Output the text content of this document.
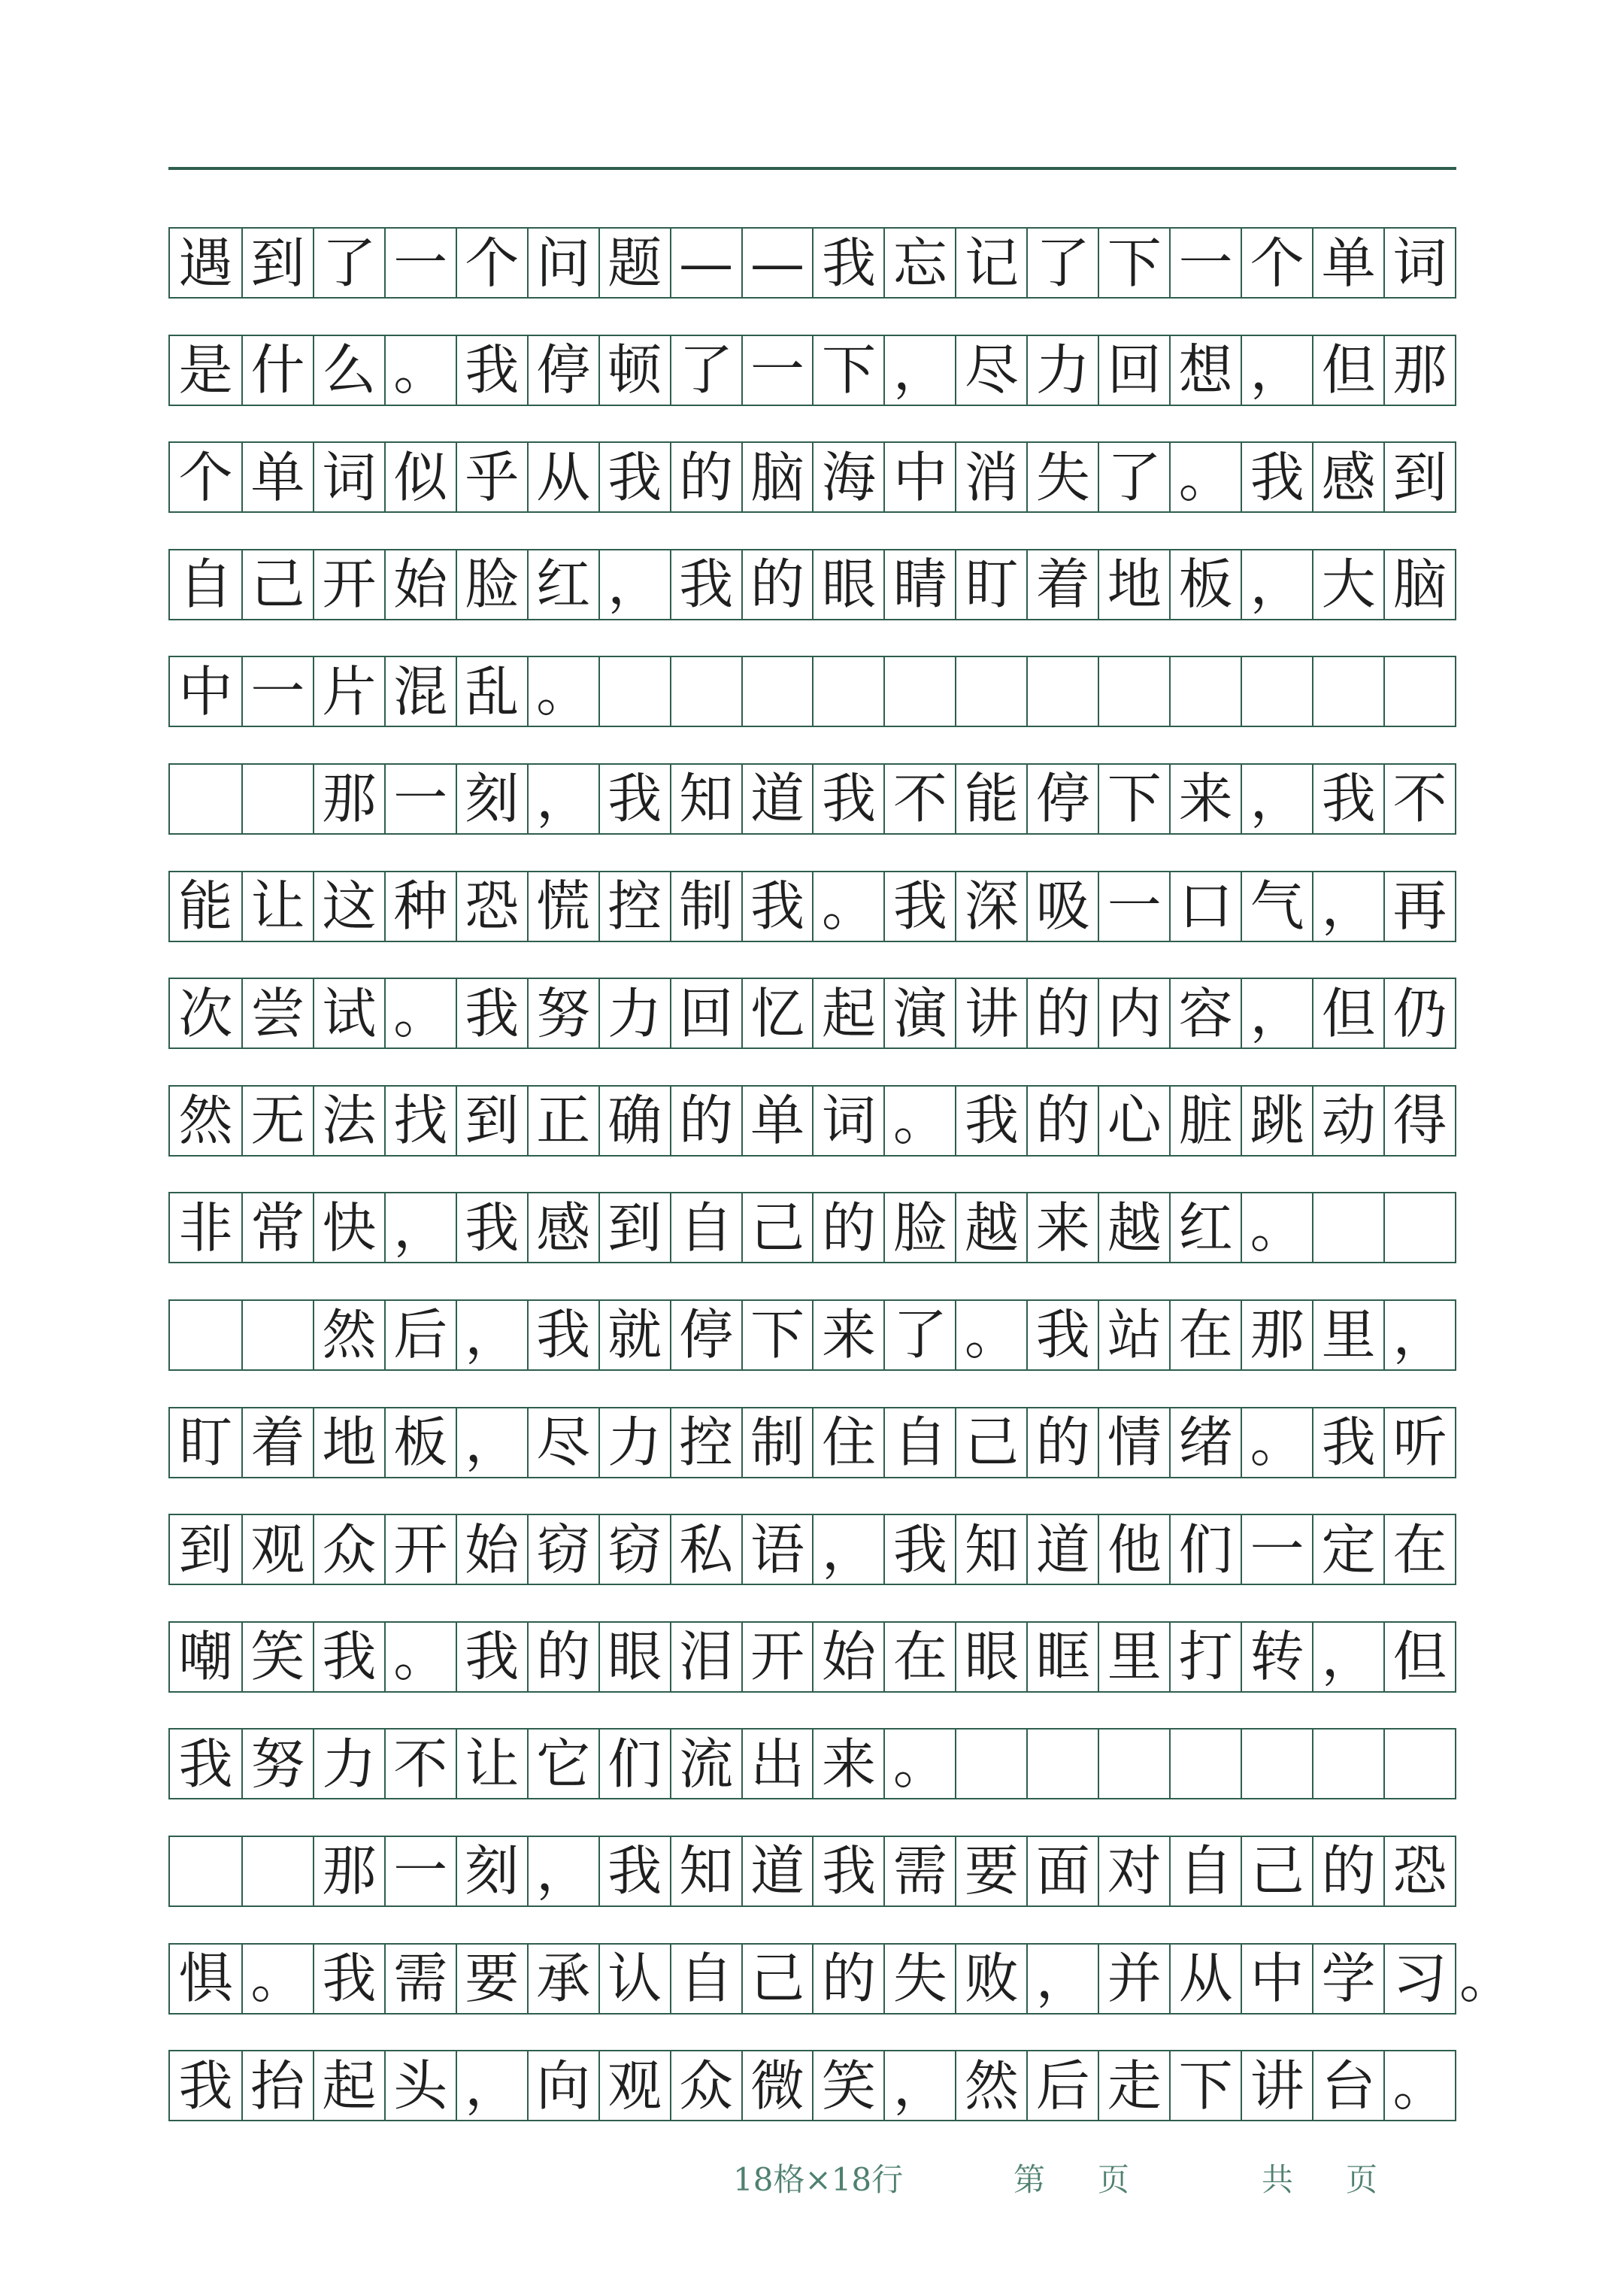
遇 到 了 一 个 问 题 — — 我 忘 记 了 下 一 个 单 词
是 什 么 。 我 停 顿 了 一 下 ， 尽 力 回 想 ， 但 那
个 单 词 似 乎 从 我 的 脑 海 中 消 失 了 。 我 感 到
自 己 开 始 脸 红 ， 我 的 眼 睛 盯 着 地 板 ， 大 脑
中 一 片 混 乱 。
那 一 刻 ， 我 知 道 我 不 能 停 下 来 ， 我 不
能 让 这 种 恐 慌 控 制 我 。 我 深 吸 一 口 气 ， 再
次 尝 试 。 我 努 力 回 忆 起 演 讲 的 内 容 ， 但 仍
然 无 法 找 到 正 确 的 单 词 。 我 的 心 脏 跳 动 得
非 常 快 ， 我 感 到 自 己 的 脸 越 来 越 红 。
然 后 ， 我 就 停 下 来 了 。 我 站 在 那 里 ，
盯 着 地 板 ， 尽 力 控 制 住 自 己 的 情 绪 。 我 听
到 观 众 开 始 窃 窃 私 语 ， 我 知 道 他 们 一 定 在
嘲 笑 我 。 我 的 眼 泪 开 始 在 眼 眶 里 打 转 ， 但
我 努 力 不 让 它 们 流 出 来 。
那 一 刻 ， 我 知 道 我 需 要 面 对 自 己 的 恐
惧 。 我 需 要 承 认 自 己 的 失 败 ， 并 从 中 学 习 。
我 抬 起 头 ， 向 观 众 微 笑 ， 然 后 走 下 讲 台 。
18格×18行	第 页	共 页
